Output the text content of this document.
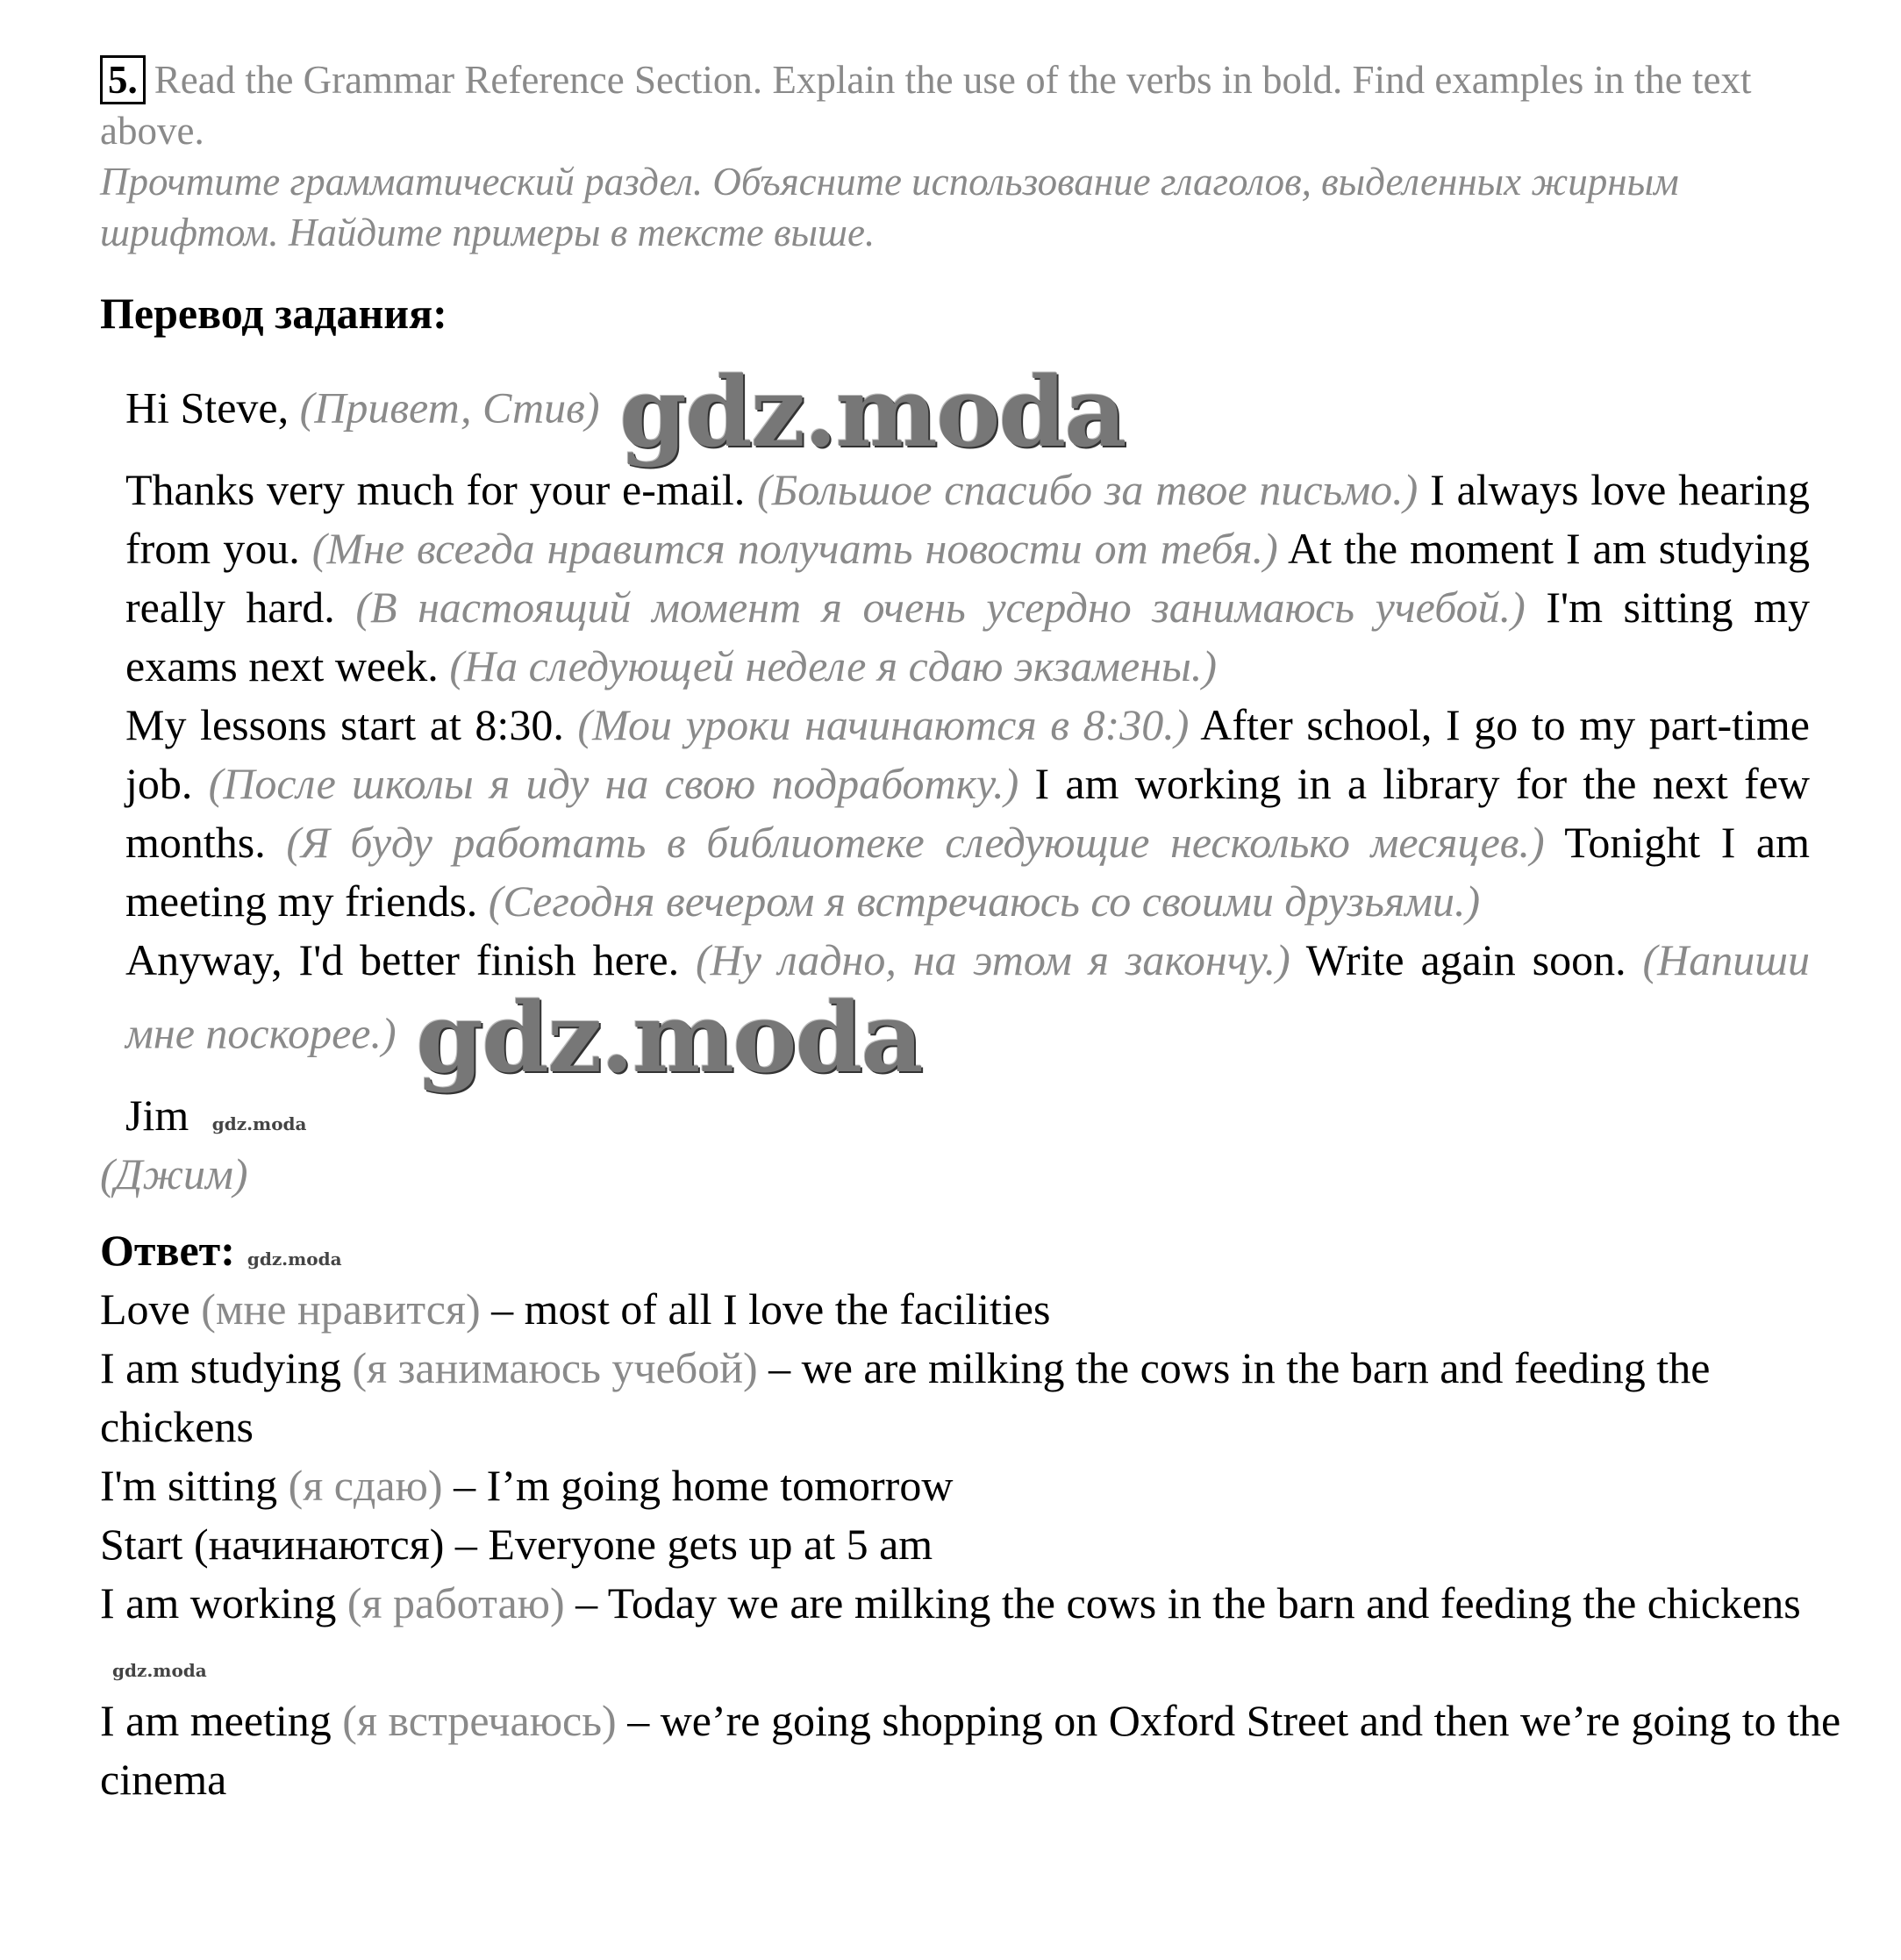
5. Read the Grammar Reference Section. Explain the use of the verbs in bold. Find examples in the text above.
Прочтите грамматический раздел. Объясните использование глаголов, выделенных жирным шрифтом. Найдите примеры в тексте выше.
Перевод задания:

Hi Steve, (Привет, Стив) gdz.moda

Thanks very much for your e-mail. (Большое спасибо за твое письмо.) I always love hearing from you. (Мне всегда нравится получать новости от тебя.) At the moment I am studying really hard. (В настоящий момент я очень усердно занимаюсь учебой.) I'm sitting my exams next week. (На следующей неделе я сдаю экзамены.)

My lessons start at 8:30. (Мои уроки начинаются в 8:30.) After school, I go to my part-time job. (После школы я иду на свою подработку.) I am working in a library for the next few months. (Я буду работать в библиотеке следующие несколько месяцев.) Tonight I am meeting my friends. (Сегодня вечером я встречаюсь со своими друзьями.)

Anyway, I'd better finish here. (Ну ладно, на этом я закончу.) Write again soon. (Напиши мне поскорее.) gdz.moda

Jim gdz.moda

(Джим)
Ответ: gdz.moda
Love (мне нравится) – most of all I love the facilities
I am studying (я занимаюсь учебой) – we are milking the cows in the barn and feeding the chickens
I'm sitting (я сдаю) – I’m going home tomorrow
Start (начинаются) – Everyone gets up at 5 am
I am working (я работаю) – Today we are milking the cows in the barn and feeding the chickensgdz.moda
I am meeting (я встречаюсь) – we’re going shopping on Oxford Street and then we’re going to the cinema
